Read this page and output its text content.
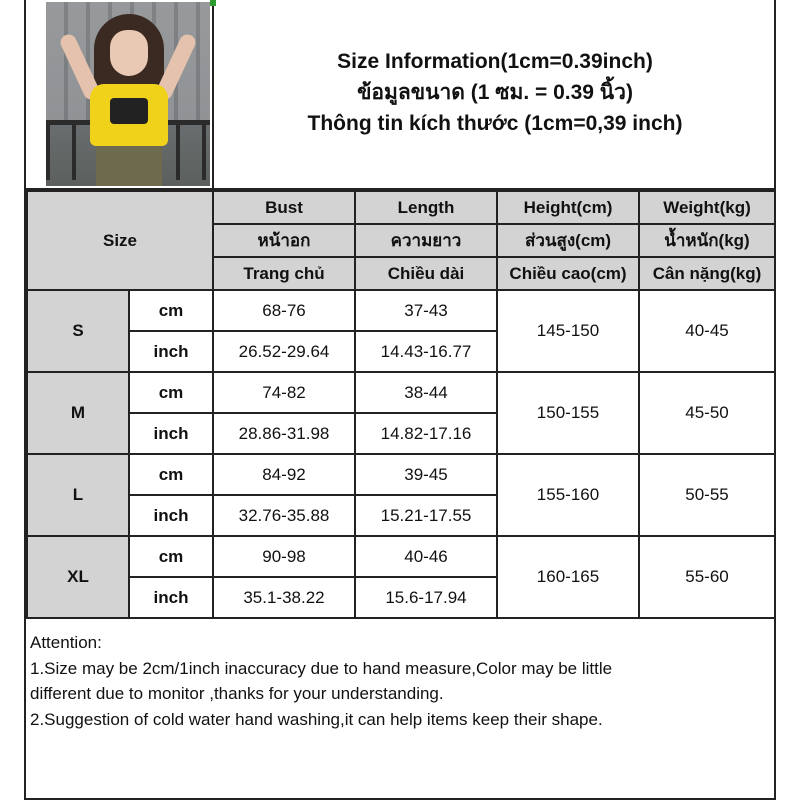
Size Information(1cm=0.39inch)
ข้อมูลขนาด (1 ซม. = 0.39 นิ้ว)
Thông tin kích thước (1cm=0,39 inch)
Size		Bust	Length	Height(cm)	Weight(kg)
		หน้าอก	ความยาว	ส่วนสูง(cm)	น้ำหนัก(kg)
		Trang chủ	Chiều dài	Chiều cao(cm)	Cân nặng(kg)
S	cm	68-76	37-43	145-150	40-45
	inch	26.52-29.64	14.43-16.77		
M	cm	74-82	38-44	150-155	45-50
	inch	28.86-31.98	14.82-17.16		
L	cm	84-92	39-45	155-160	50-55
	inch	32.76-35.88	15.21-17.55		
XL	cm	90-98	40-46	160-165	55-60
	inch	35.1-38.22	15.6-17.94		
Attention:
1.Size may be 2cm/1inch inaccuracy due to hand measure,Color may be little
different due to monitor ,thanks for your understanding.
2.Suggestion of cold water hand washing,it can help items keep their shape.
